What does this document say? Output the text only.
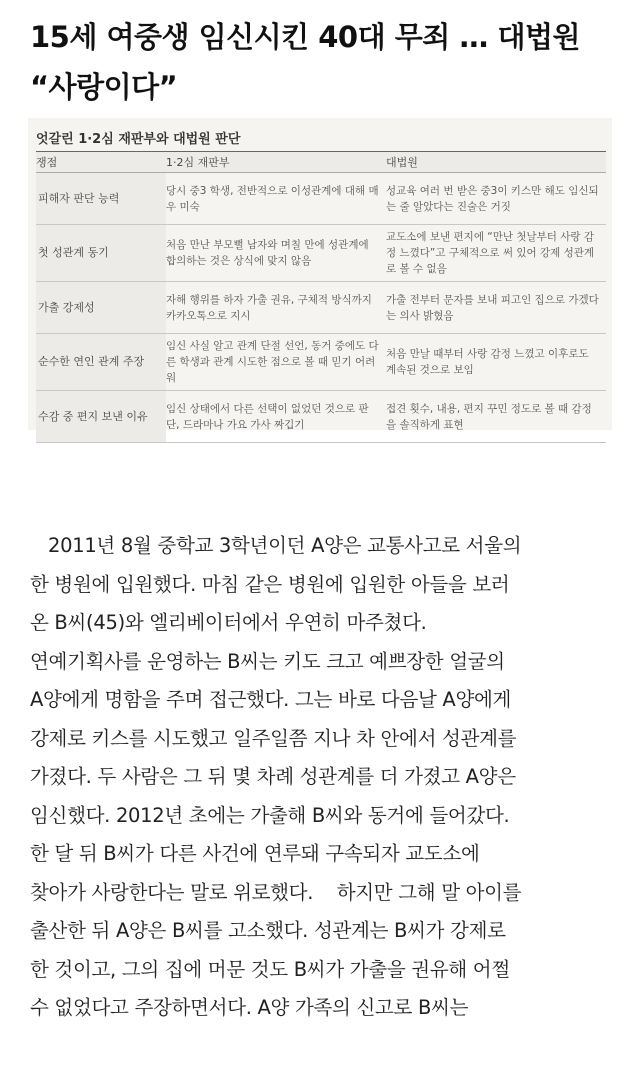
15세 여중생 임신시킨 40대 무죄 … 대법원
“사랑이다”
엇갈린 1·2심 재판부와 대법원 판단
쟁점	1·2심 재판부	대법원
피해자 판단 능력	당시 중3 학생, 전반적으로 이성관계에 대해 매우 미숙	성교육 여러 번 받은 중3이 키스만 해도 임신되는 줄 알았다는 진술은 거짓
첫 성관계 동기	처음 만난 부모뻘 남자와 며칠 만에 성관계에 합의하는 것은 상식에 맞지 않음	교도소에 보낸 편지에 “만난 첫날부터 사랑 감정 느꼈다”고 구체적으로 써 있어 강제 성관계로 볼 수 없음
가출 강제성	자해 행위를 하자 가출 권유, 구체적 방식까지 카카오톡으로 지시	가출 전부터 문자를 보내 피고인 집으로 가겠다는 의사 밝혔음
순수한 연인 관계 주장	임신 사실 알고 관계 단절 선언, 동거 중에도 다른 학생과 관계 시도한 점으로 볼 때 믿기 어려워	처음 만날 때부터 사랑 감정 느꼈고 이후로도 계속된 것으로 보임
수감 중 편지 보낸 이유	임신 상태에서 다른 선택이 없었던 것으로 판단, 드라마나 가요 가사 짜깁기	접견 횟수, 내용, 편지 꾸민 정도로 볼 때 감정을 솔직하게 표현
2011년 8월 중학교 3학년이던 A양은 교통사고로 서울의
한 병원에 입원했다. 마침 같은 병원에 입원한 아들을 보러
온 B씨(45)와 엘리베이터에서 우연히 마주쳤다.
연예기획사를 운영하는 B씨는 키도 크고 예쁘장한 얼굴의
A양에게 명함을 주며 접근했다. 그는 바로 다음날 A양에게
강제로 키스를 시도했고 일주일쯤 지나 차 안에서 성관계를
가졌다. 두 사람은 그 뒤 몇 차례 성관계를 더 가졌고 A양은
임신했다. 2012년 초에는 가출해 B씨와 동거에 들어갔다.
한 달 뒤 B씨가 다른 사건에 연루돼 구속되자 교도소에
찾아가 사랑한다는 말로 위로했다.    하지만 그해 말 아이를
출산한 뒤 A양은 B씨를 고소했다. 성관계는 B씨가 강제로
한 것이고, 그의 집에 머문 것도 B씨가 가출을 권유해 어쩔
수 없었다고 주장하면서다. A양 가족의 신고로 B씨는
